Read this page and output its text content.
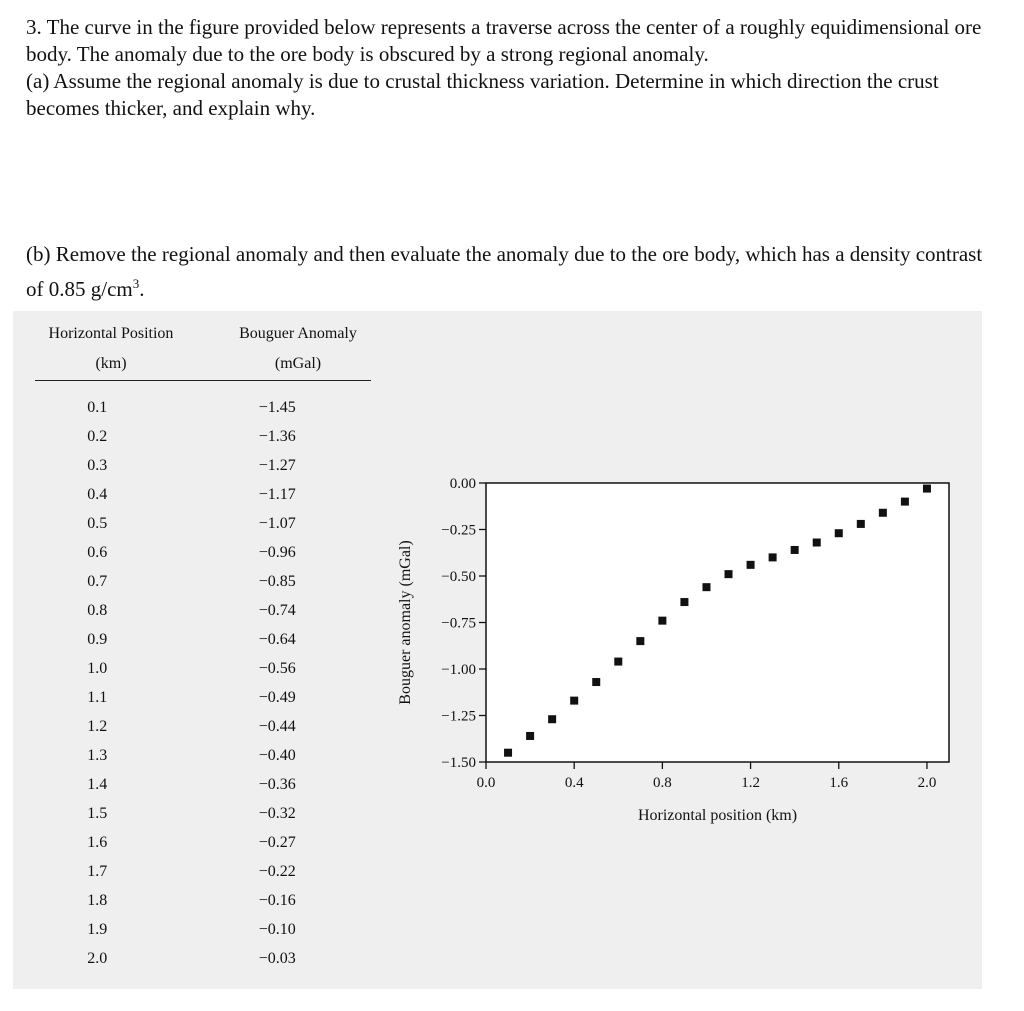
3. The curve in the figure provided below represents a traverse across the center of a roughly equidimensional ore body. The anomaly due to the ore body is obscured by a strong regional anomaly.

(a) Assume the regional anomaly is due to crustal thickness variation. Determine in which direction the crust becomes thicker, and explain why.

(b) Remove the regional anomaly and then evaluate the anomaly due to the ore body, which has a density contrast of 0.85 $g/cm^3$.

Horizontal Position
(km)
Bouguer Anomaly
(mGal)
0.1	−1.45
0.2	−1.36
0.3	−1.27
0.4	−1.17
0.5	−1.07
0.6	−0.96
0.7	−0.85
0.8	−0.74
0.9	−0.64
1.0	−0.56
1.1	−0.49
1.2	−0.44
1.3	−0.40
1.4	−0.36
1.5	−0.32
1.6	−0.27
1.7	−0.22
1.8	−0.16
1.9	−0.10
2.0	−0.03
0.00
−0.25
−0.50
−0.75
−1.00
−1.25
−1.50
0.0	0.4	0.8	1.2	1.6	2.0
Horizontal position (km)
Bouguer anomaly (mGal)
